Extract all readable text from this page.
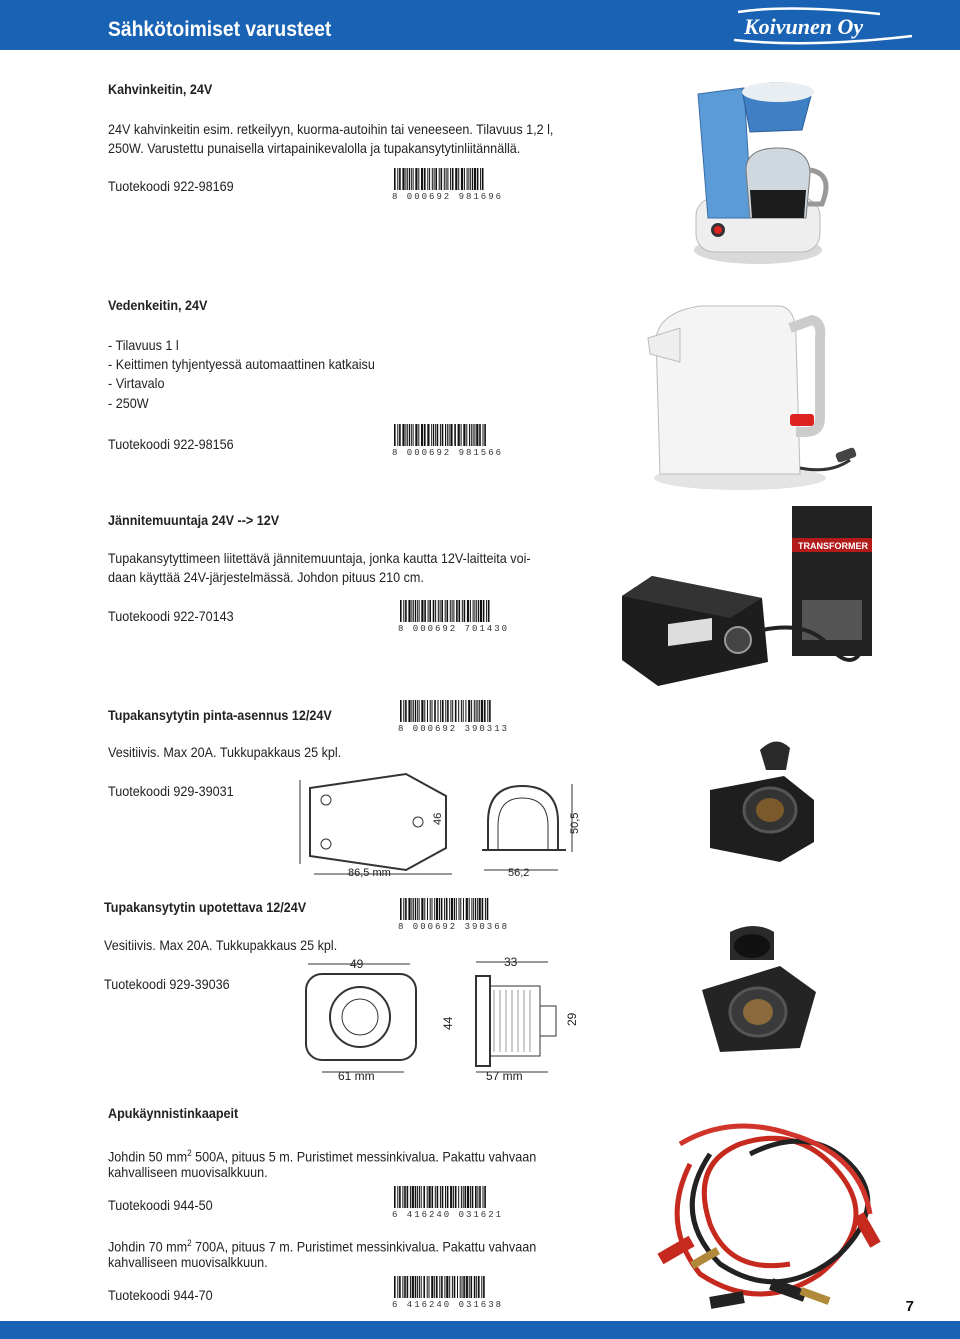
Sähkötoimiset varusteet	Koivunen Oy
Kahvinkeitin, 24V
24V kahvinkeitin esim. retkeilyyn, kuorma-autoihin tai veneeseen. Tilavuus 1,2 l,
250W. Varustettu punaisella virtapainikevalolla ja tupakansytytinliitännällä.
Tuotekoodi 922-98169
8 000692 981696
Vedenkeitin, 24V
- Tilavuus 1 l
- Keittimen tyhjentyessä automaattinen katkaisu
- Virtavalo
- 250W
Tuotekoodi 922-98156
8 000692 981566
Jännitemuuntaja 24V --> 12V
Tupakansytyttimeen liitettävä jännitemuuntaja, jonka kautta 12V-laitteita voi-
daan käyttää 24V-järjestelmässä. Johdon pituus 210 cm.
Tuotekoodi 922-70143
8 000692 701430
TRANSFORMER
Tupakansytytin pinta-asennus 12/24V
8 000692 390313
Vesitiivis. Max 20A. Tukkupakkaus 25 kpl.
Tuotekoodi 929-39031
46
86,5 mm
50,5
56,2
Tupakansytytin upotettava 12/24V
8 000692 390368
Vesitiivis. Max 20A. Tukkupakkaus 25 kpl.
Tuotekoodi 929-39036
49
44
61 mm
33
29
57 mm
Apukäynnistinkaapeit
Johdin 50 $mm^2$ 500A, pituus 5 m. Puristimet messinkivalua. Pakattu vahvaan
kahvalliseen muovisalkkuun.
Tuotekoodi 944-50
6 416240 031621
Johdin 70 $mm^2$ 700A, pituus 7 m. Puristimet messinkivalua. Pakattu vahvaan
kahvalliseen muovisalkkuun.
Tuotekoodi 944-70
6 416240 031638	7
